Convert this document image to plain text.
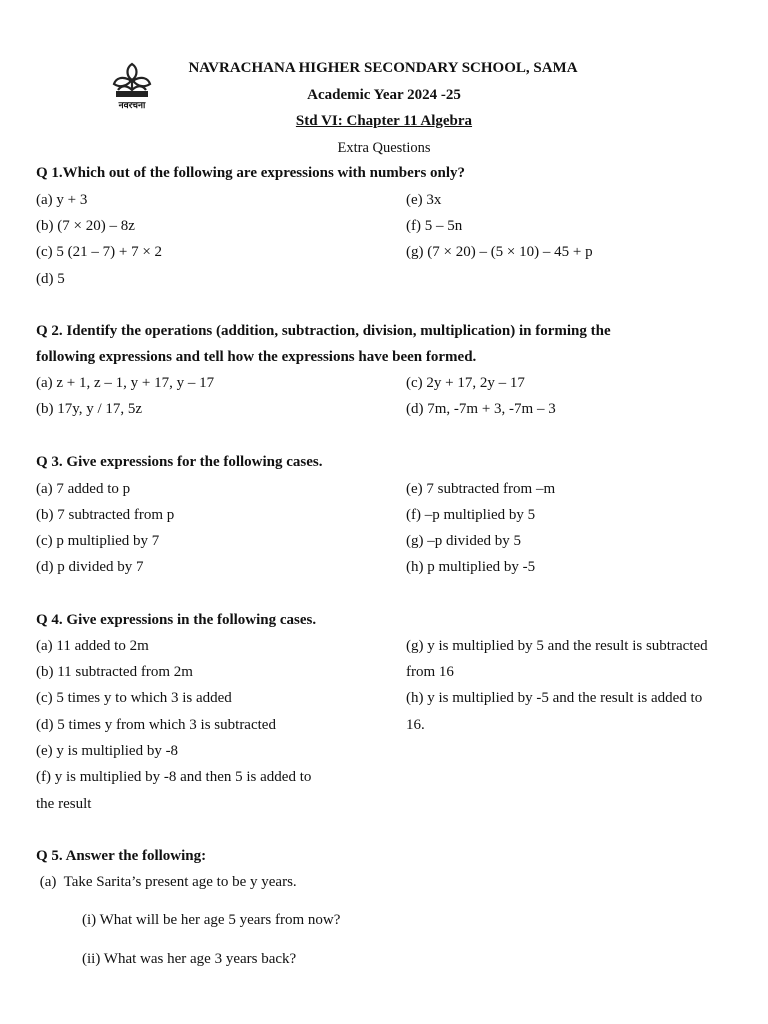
नवरचना
NAVRACHANA HIGHER SECONDARY SCHOOL, SAMA
Academic Year 2024 -25
Std VI: Chapter 11 Algebra
Extra Questions
Q 1.Which out of the following are expressions with numbers only?
(a) y + 3
(b) (7 × 20) – 8z
(c) 5 (21 – 7) + 7 × 2
(d) 5
(e) 3x
(f) 5 – 5n
(g) (7 × 20) – (5 × 10) – 45 + p
Q 2. Identify the operations (addition, subtraction, division, multiplication) in forming the
following expressions and tell how the expressions have been formed.
(a) z + 1, z – 1, y + 17, y – 17
(b) 17y, y / 17, 5z
(c) 2y + 17, 2y – 17
(d) 7m, -7m + 3, -7m – 3
Q 3. Give expressions for the following cases.
(a) 7 added to p
(b) 7 subtracted from p
(c) p multiplied by 7
(d) p divided by 7
(e) 7 subtracted from –m
(f) –p multiplied by 5
(g) –p divided by 5
(h) p multiplied by -5
Q 4. Give expressions in the following cases.
(a) 11 added to 2m
(b) 11 subtracted from 2m
(c) 5 times y to which 3 is added
(d) 5 times y from which 3 is subtracted
(e) y is multiplied by -8
(f) y is multiplied by -8 and then 5 is added to
the result
(g) y is multiplied by 5 and the result is subtracted
from 16
(h) y is multiplied by -5 and the result is added to
16.
Q 5. Answer the following:
(a)  Take Sarita’s present age to be y years.
(i) What will be her age 5 years from now?
(ii) What was her age 3 years back?
